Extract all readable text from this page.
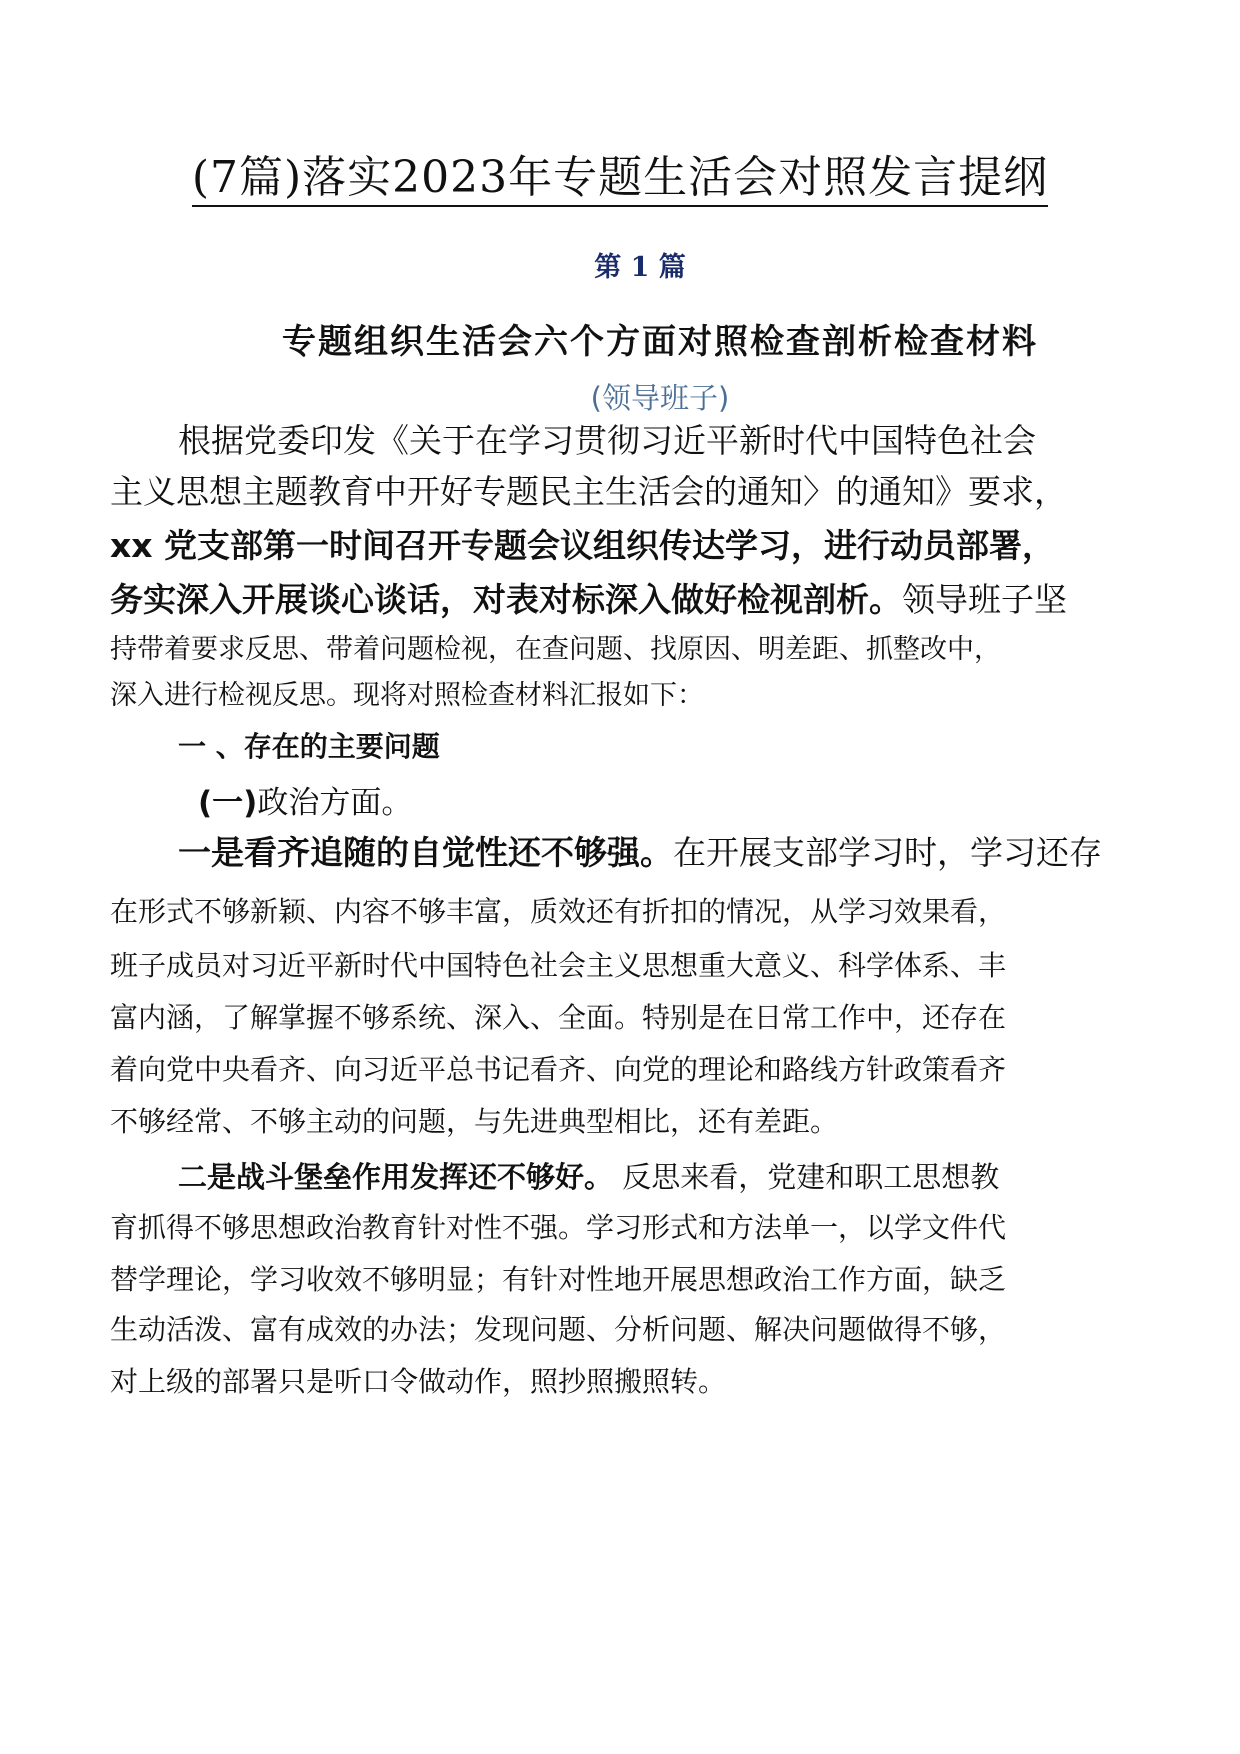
(7篇)落实2023年专题生活会对照发言提纲
第 1 篇
专题组织生活会六个方面对照检查剖析检查材料
(领导班子)
根据党委印发《关于在学习贯彻习近平新时代中国特色社会
主义思想主题教育中开好专题民主生活会的通知〉的通知》要求，
xx 党支部第一时间召开专题会议组织传达学习，进行动员部署，
务实深入开展谈心谈话，对表对标深入做好检视剖析。领导班子坚
持带着要求反思、带着问题检视，在查问题、找原因、明差距、抓整改中，
深入进行检视反思。现将对照检查材料汇报如下：
一 、存在的主要问题
(一)政治方面。
一是看齐追随的自觉性还不够强。在开展支部学习时，学习还存
在形式不够新颖、内容不够丰富，质效还有折扣的情况，从学习效果看，
班子成员对习近平新时代中国特色社会主义思想重大意义、科学体系、丰
富内涵，了解掌握不够系统、深入、全面。特别是在日常工作中，还存在
着向党中央看齐、向习近平总书记看齐、向党的理论和路线方针政策看齐
不够经常、不够主动的问题，与先进典型相比，还有差距。
二是战斗堡垒作用发挥还不够好。 反思来看，党建和职工思想教
育抓得不够思想政治教育针对性不强。学习形式和方法单一，以学文件代
替学理论，学习收效不够明显；有针对性地开展思想政治工作方面，缺乏
生动活泼、富有成效的办法；发现问题、分析问题、解决问题做得不够，
对上级的部署只是听口令做动作，照抄照搬照转。
